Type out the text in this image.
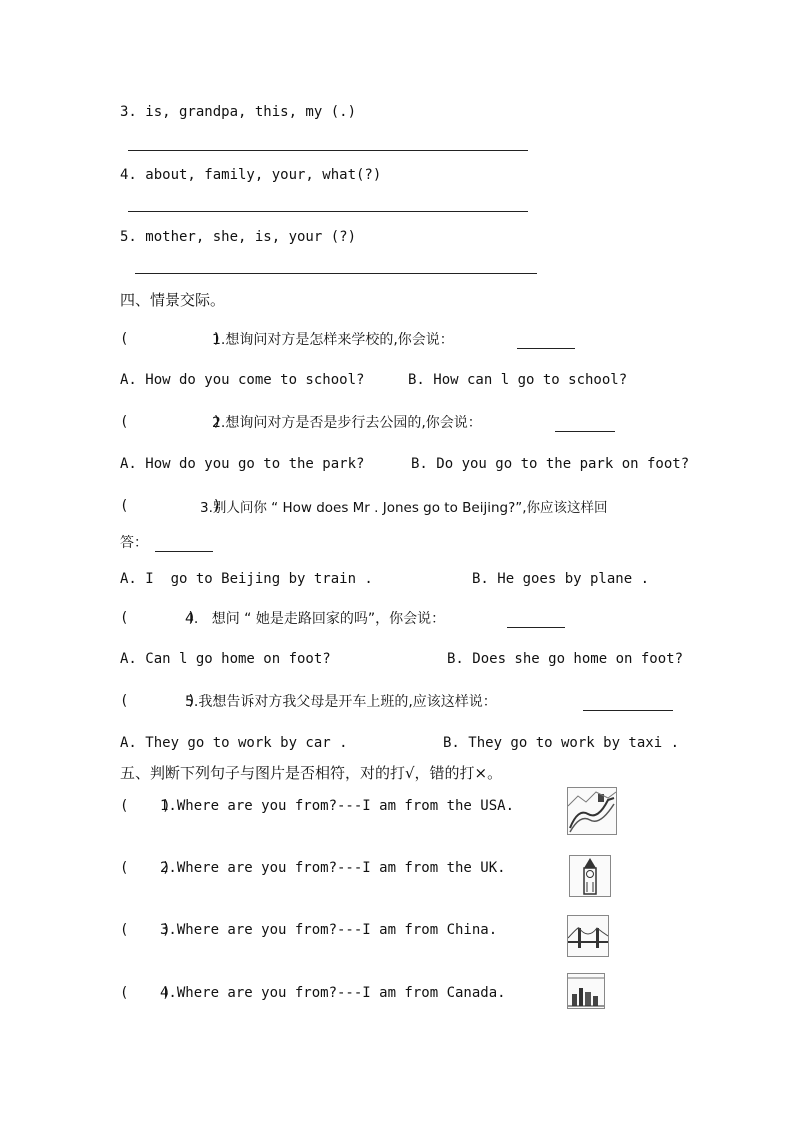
3. is, grandpa, this, my (.)
4. about, family, your, what(?)
5. mother, she, is, your (?)
四、情景交际。
(          )
1.想询问对方是怎样来学校的,你会说：
A. How do you come to school?	B. How can l go to school?
(          )
2.想询问对方是否是步行去公园的,你会说：
A. How do you go to the park?	B. Do you go to the park on foot?
(          )
3.别人问你 “ How does Mr . Jones go to Beijing?”,你应该这样回
答：
A. I  go to Beijing by train .	B. He goes by plane .
(       )
4.   想问 “ 她是走路回家的吗”，你会说：
A. Can l go home on foot?	B. Does she go home on foot?
(       )
5.我想告诉对方我父母是开车上班的,应该这样说：
A. They go to work by car .	B. They go to work by taxi .
五、判断下列句子与图片是否相符，对的打√，错的打×。
(    )
1.Where are you from?---I am from the USA.
(    )
2.Where are you from?---I am from the UK.
(    )
3.Where are you from?---I am from China.
(    )
4.Where are you from?---I am from Canada.
